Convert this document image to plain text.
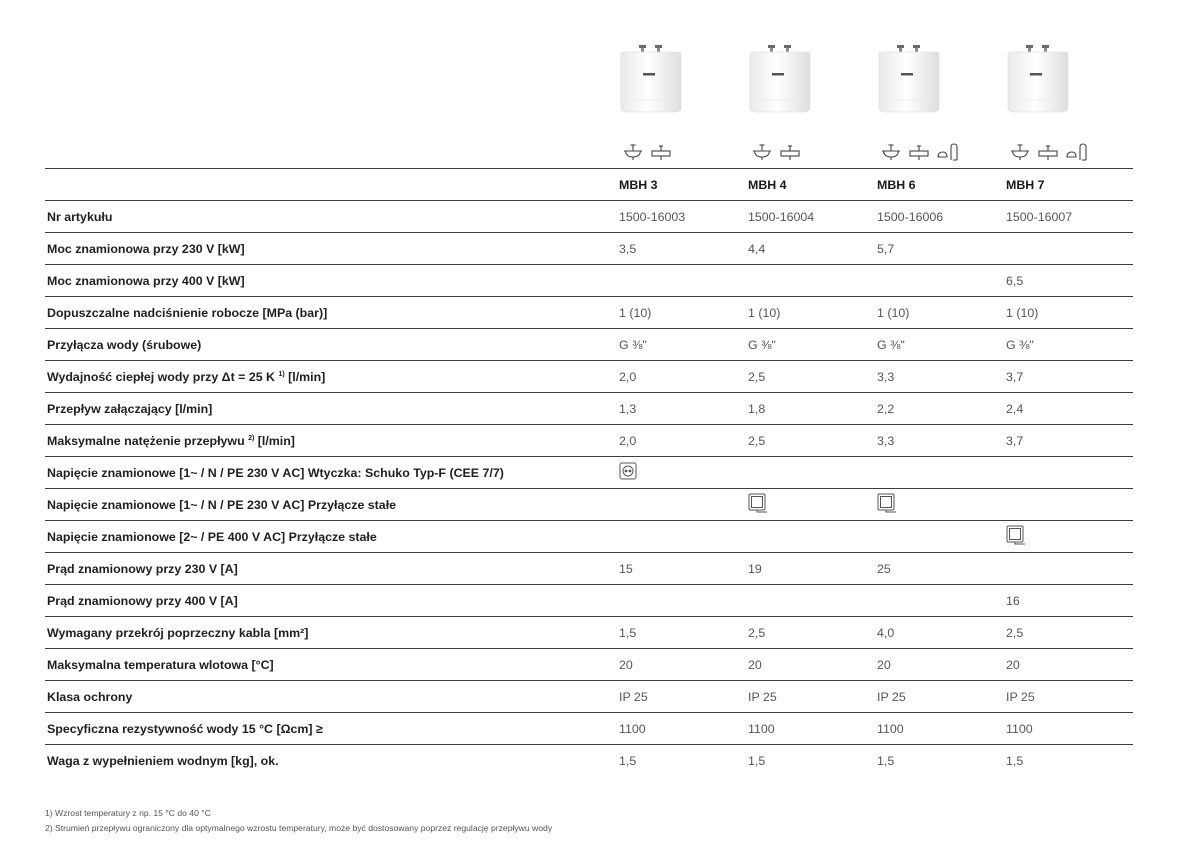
	MBH 3	MBH 4	MBH 6	MBH 7
Nr artykułu	1500-16003	1500-16004	1500-16006	1500-16007
Moc znamionowa przy 230 V [kW]	3,5	4,4	5,7	
Moc znamionowa przy 400 V [kW]				6,5
Dopuszczalne nadciśnienie robocze [MPa (bar)]	1 (10)	1 (10)	1 (10)	1 (10)
Przyłącza wody (śrubowe)	G ⅜"	G ⅜"	G ⅜"	G ⅜"
Wydajność ciepłej wody przy Δt = 25 K $^{1)}$ [l/min]	2,0	2,5	3,3	3,7
Przepływ załączający [l/min]	1,3	1,8	2,2	2,4
Maksymalne natężenie przepływu $^{2)}$ [l/min]	2,0	2,5	3,3	3,7
Napięcie znamionowe [1~ / N / PE 230 V AC] Wtyczka: Schuko Typ-F (CEE 7/7)				
Napięcie znamionowe [1~ / N / PE 230 V AC] Przyłącze stałe				
Napięcie znamionowe [2~ / PE 400 V AC] Przyłącze stałe				
Prąd znamionowy przy 230 V [A]	15	19	25	
Prąd znamionowy przy 400 V [A]				16
Wymagany przekrój poprzeczny kabla [mm²]	1,5	2,5	4,0	2,5
Maksymalna temperatura wlotowa [°C]	20	20	20	20
Klasa ochrony	IP 25	IP 25	IP 25	IP 25
Specyficzna rezystywność wody 15 °C [Ωcm] ≥	1100	1100	1100	1100
Waga z wypełnieniem wodnym [kg], ok.	1,5	1,5	1,5	1,5
1) Wzrost temperatury z np. 15 °C do 40 °C
2) Strumień przepływu ograniczony dla optymalnego wzrostu temperatury, może być dostosowany poprzez regulację przepływu wody
